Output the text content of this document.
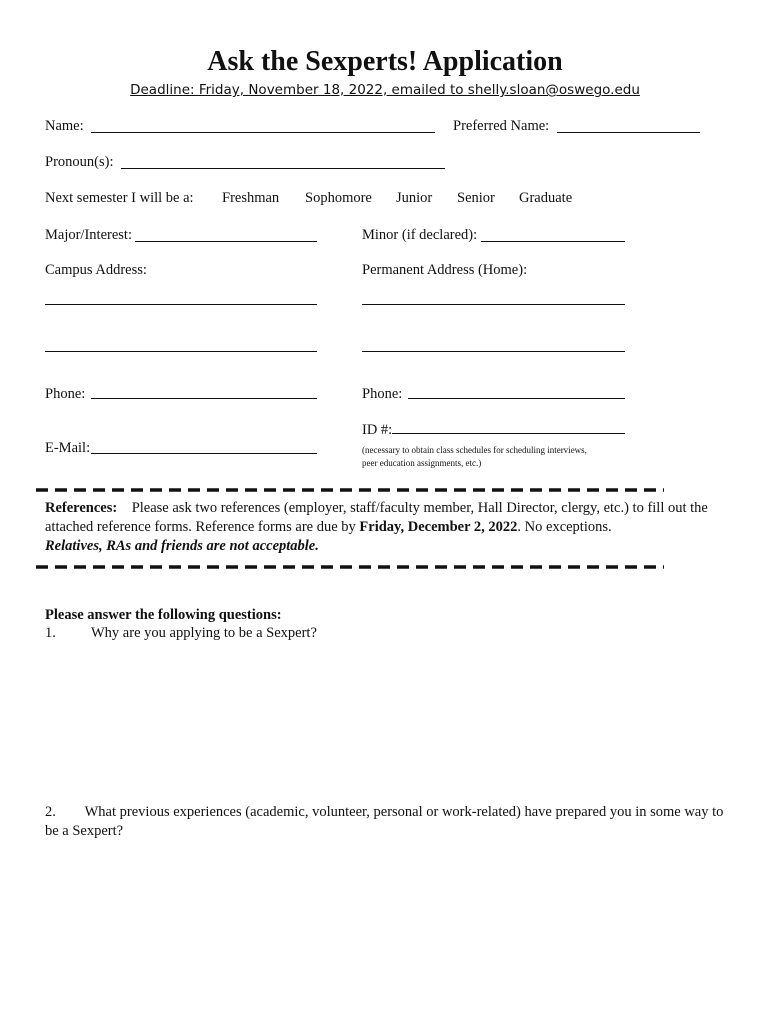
Ask the Sexperts! Application
Deadline: Friday, November 18, 2022, emailed to shelly.sloan@oswego.edu
Name:	Preferred Name:
Pronoun(s):
Next semester I will be a: Freshman Sophomore Junior Senior Graduate
Major/Interest:	Minor (if declared):
Campus Address:	Permanent Address (Home):
Phone:	Phone:
ID #:
(necessary to obtain class schedules for scheduling interviews,
peer education assignments, etc.)
E-Mail:
References: Please ask two references (employer, staff/faculty member, Hall Director, clergy, etc.) to fill out the attached reference forms. Reference forms are due by Friday, December 2, 2022. No exceptions.
Relatives, RAs and friends are not acceptable.
Please answer the following questions:
1. Why are you applying to be a Sexpert?
2. What previous experiences (academic, volunteer, personal or work-related) have prepared you in some way to be a Sexpert?
